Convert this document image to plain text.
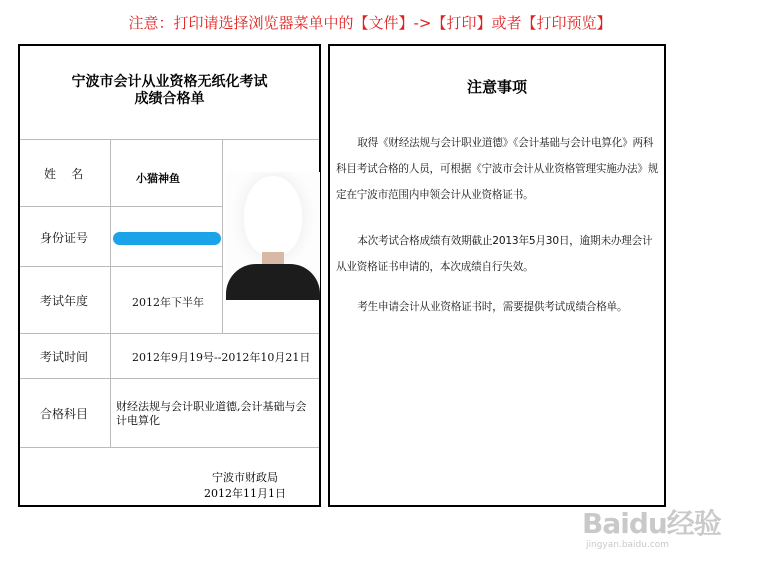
注意：打印请选择浏览器菜单中的【文件】->【打印】或者【打印预览】
宁波市会计从业资格无纸化考试
成绩合格单
姓    名
身份证号
考试年度
考试时间
合格科目
小猫神鱼
2012年下半年
2012年9月19号--2012年10月21日
财经法规与会计职业道德,会计基础与会计电算化
宁波市财政局
2012年11月1日
注意事项
取得《财经法规与会计职业道德》《会计基础与会计电算化》两科科目考试合格的人员，可根据《宁波市会计从业资格管理实施办法》规定在宁波市范围内申领会计从业资格证书。
本次考试合格成绩有效期截止2013年5月30日，逾期未办理会计从业资格证书申请的，本次成绩自行失效。
考生申请会计从业资格证书时，需要提供考试成绩合格单。
Baidu经验
jingyan.baidu.com
